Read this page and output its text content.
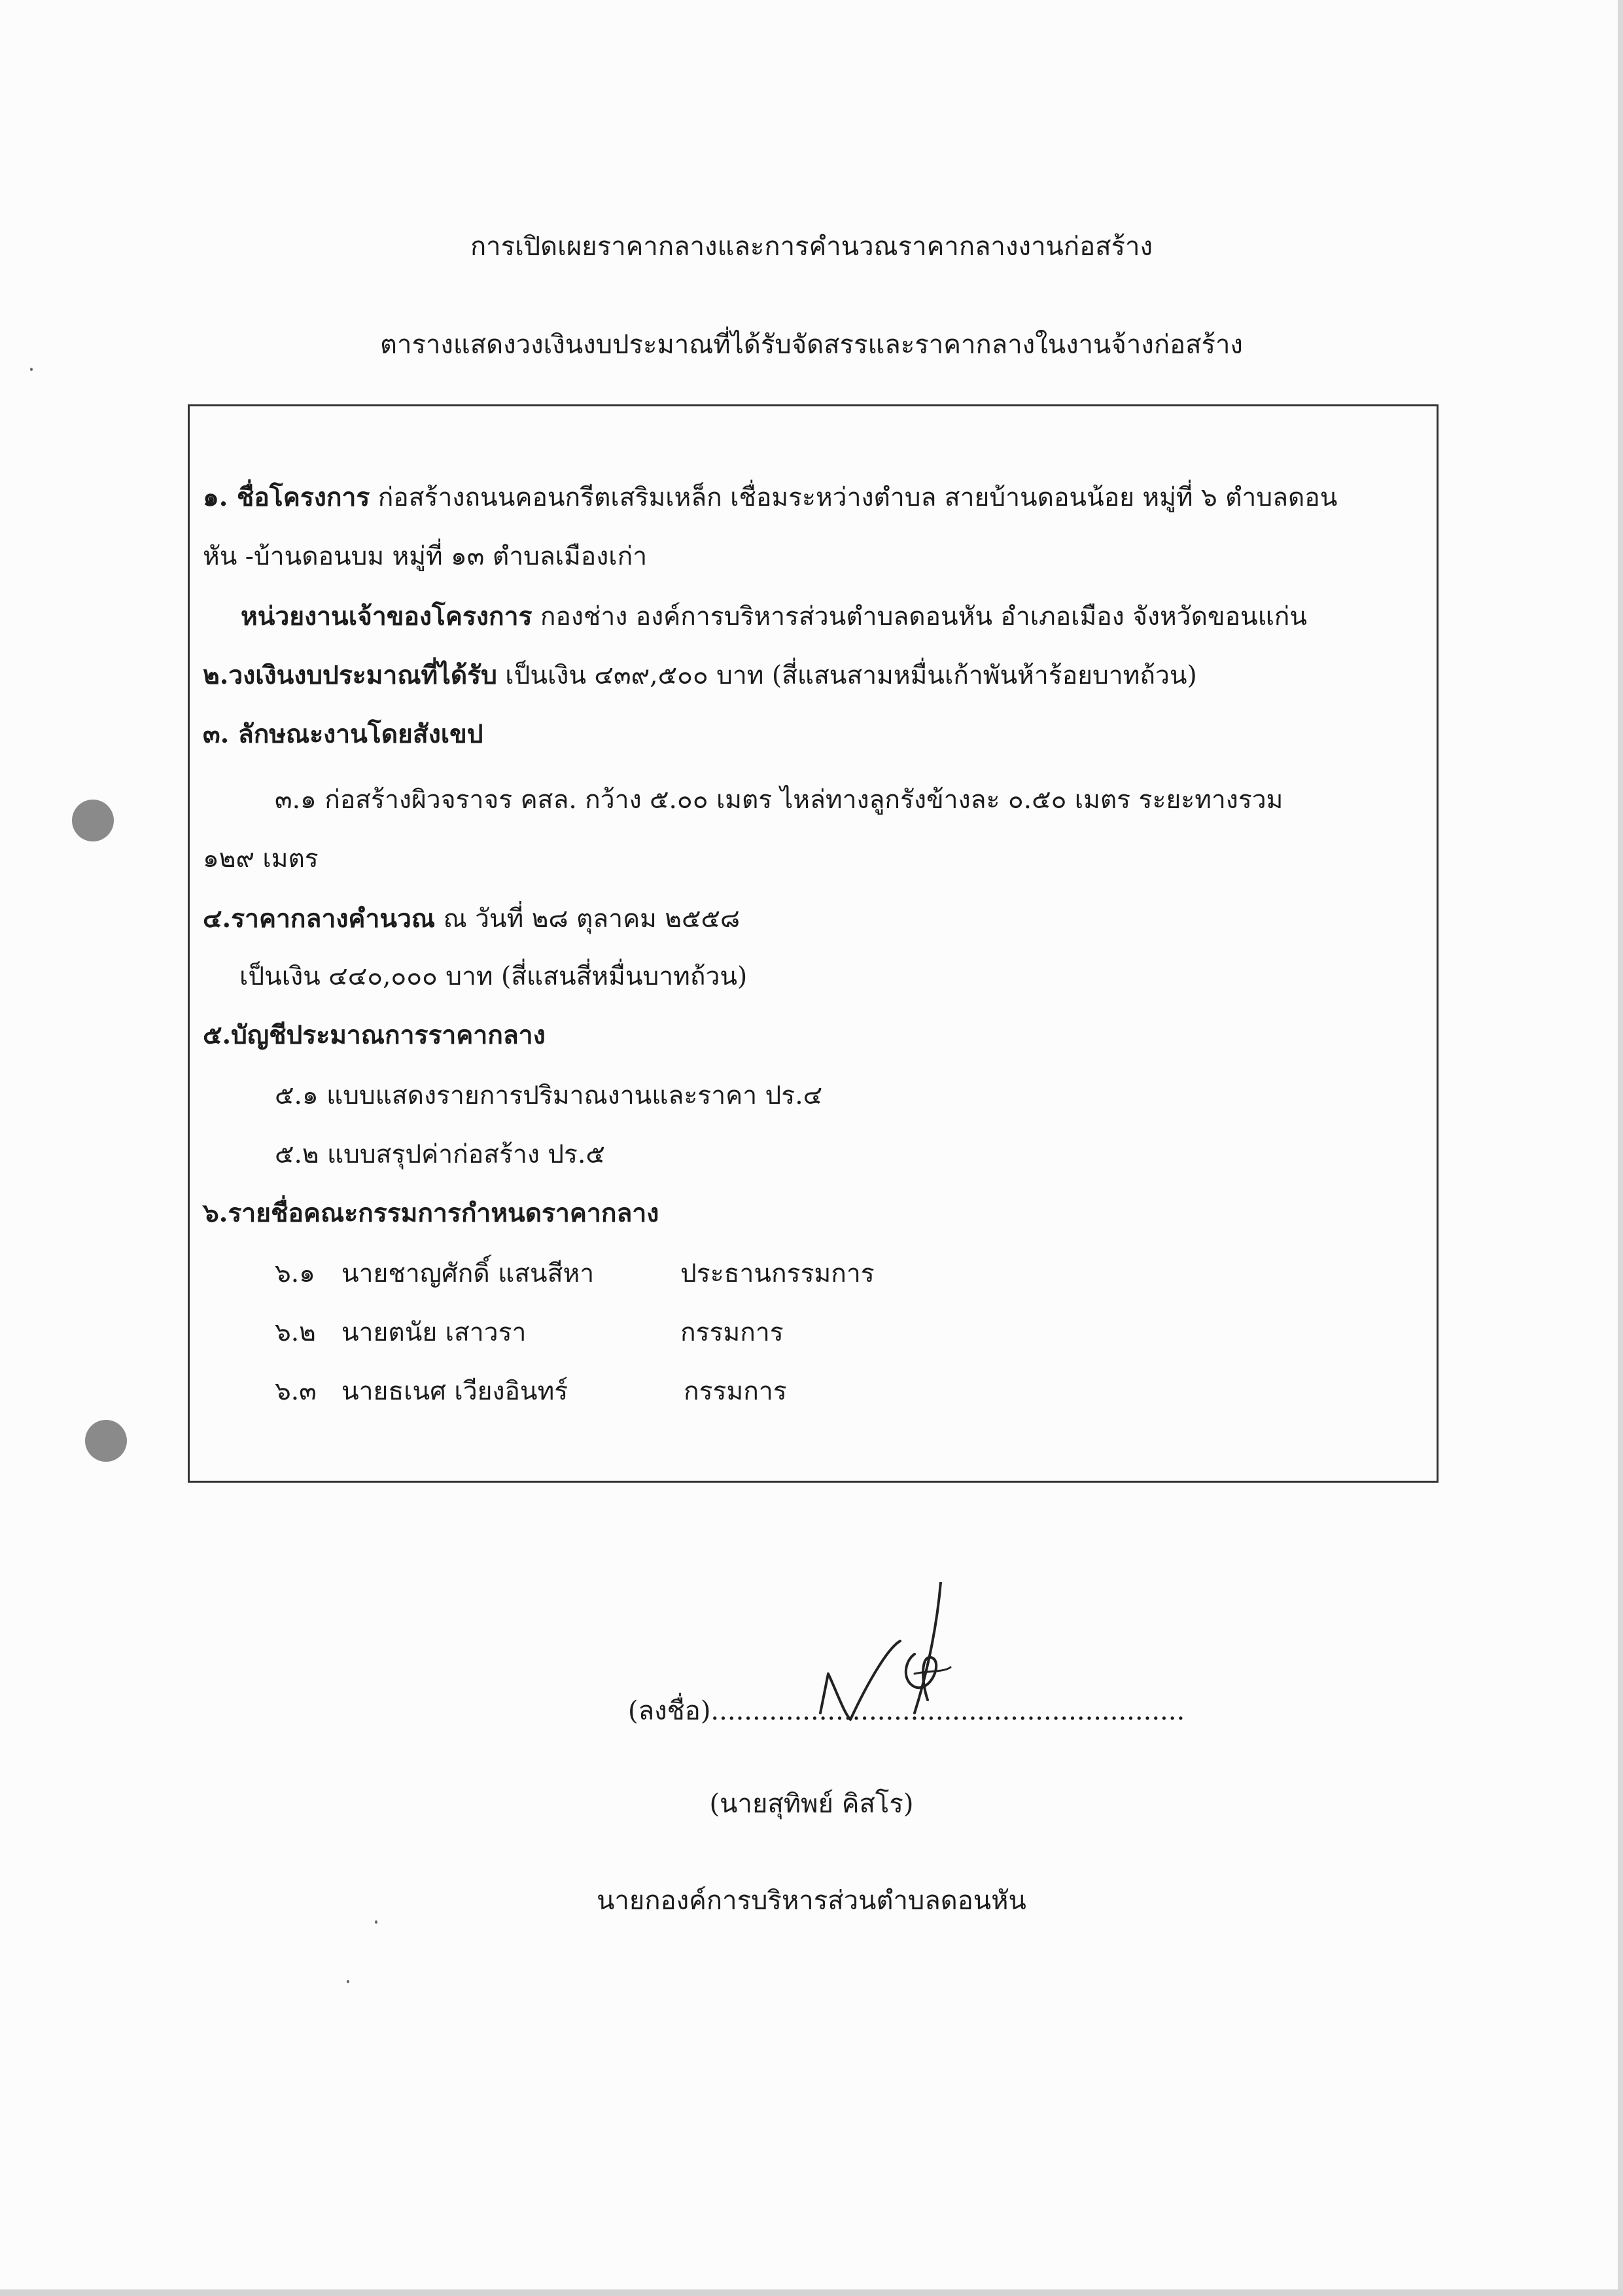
การเปิดเผยราคากลางและการคำนวณราคากลางงานก่อสร้าง
ตารางแสดงวงเงินงบประมาณที่ได้รับจัดสรรและราคากลางในงานจ้างก่อสร้าง
๑. ชื่อโครงการ ก่อสร้างถนนคอนกรีตเสริมเหล็ก เชื่อมระหว่างตำบล สายบ้านดอนน้อย หมู่ที่ ๖ ตำบลดอน
หัน -บ้านดอนบม หมู่ที่ ๑๓ ตำบลเมืองเก่า
หน่วยงานเจ้าของโครงการ กองช่าง องค์การบริหารส่วนตำบลดอนหัน อำเภอเมือง จังหวัดขอนแก่น
๒.วงเงินงบประมาณที่ได้รับ เป็นเงิน ๔๓๙,๕๐๐ บาท (สี่แสนสามหมื่นเก้าพันห้าร้อยบาทถ้วน)
๓. ลักษณะงานโดยสังเขป
๓.๑ ก่อสร้างผิวจราจร คสล. กว้าง ๕.๐๐ เมตร ไหล่ทางลูกรังข้างละ ๐.๕๐ เมตร ระยะทางรวม
๑๒๙ เมตร
๔.ราคากลางคำนวณ ณ วันที่ ๒๘ ตุลาคม ๒๕๕๘
เป็นเงิน ๔๔๐,๐๐๐ บาท (สี่แสนสี่หมื่นบาทถ้วน)
๕.บัญชีประมาณการราคากลาง
๕.๑ แบบแสดงรายการปริมาณงานและราคา ปร.๔
๕.๒ แบบสรุปค่าก่อสร้าง ปร.๕
๖.รายชื่อคณะกรรมการกำหนดราคากลาง
๖.๑ นายชาญศักดิ์ แสนสีหา	ประธานกรรมการ
๖.๒ นายตนัย เสาวรา	กรรมการ
๖.๓ นายธเนศ เวียงอินทร์	กรรมการ
(ลงชื่อ).........................................................
(นายสุทิพย์ คิสโร)
นายกองค์การบริหารส่วนตำบลดอนหัน
